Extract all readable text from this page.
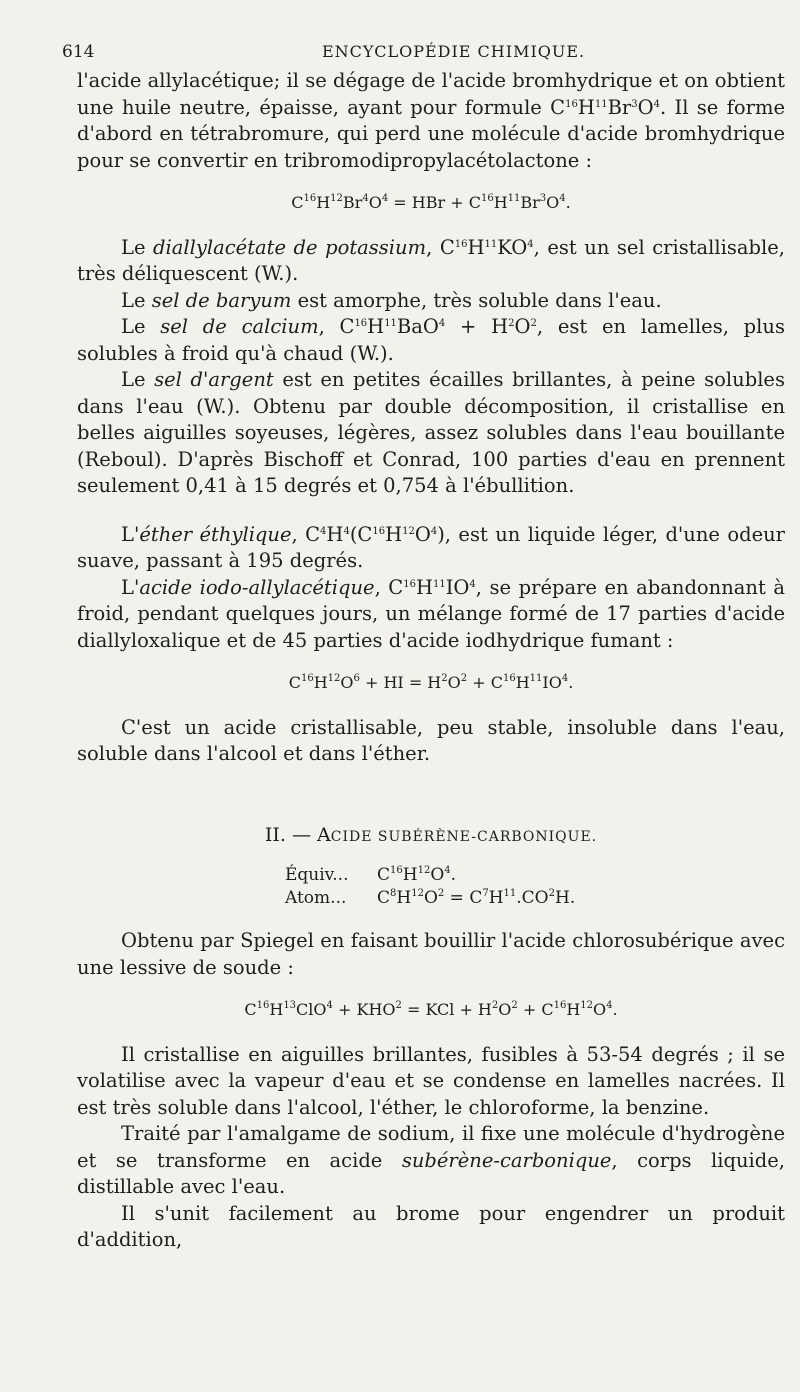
614	ENCYCLOPÉDIE CHIMIQUE.

l'acide allylacétique; il se dégage de l'acide bromhydrique et on obtient une huile neutre, épaisse, ayant pour formule $C^{16}H^{11}Br^3O^4$. Il se forme d'abord en tétrabromure, qui perd une molécule d'acide bromhydrique pour se convertir en tribromodipropylacétolactone :

$C^{16}H^{12}Br^4O^4$ = HBr + $C^{16}H^{11}Br^3O^4$.

Le diallylacétate de potassium, $C^{16}H^{11}KO^4$, est un sel cristallisable, très déliquescent (W.).

Le sel de baryum est amorphe, très soluble dans l'eau.

Le sel de calcium, $C^{16}H^{11}BaO^4 + H^2O^2$, est en lamelles, plus solubles à froid qu'à chaud (W.).

Le sel d'argent est en petites écailles brillantes, à peine solubles dans l'eau (W.). Obtenu par double décomposition, il cristallise en belles aiguilles soyeuses, légères, assez solubles dans l'eau bouillante (Reboul). D'après Bischoff et Conrad, 100 parties d'eau en prennent seulement 0,41 à 15 degrés et 0,754 à l'ébullition.

L'éther éthylique, $C^4H^4(C^{16}H^{12}O^4)$, est un liquide léger, d'une odeur suave, passant à 195 degrés.

L'acide iodo-allylacétique, $C^{16}H^{11}IO^4$, se prépare en abandonnant à froid, pendant quelques jours, un mélange formé de 17 parties d'acide diallyloxalique et de 45 parties d'acide iodhydrique fumant :

$C^{16}H^{12}O^6$ + HI = $H^2O^2 + C^{16}H^{11}IO^4$.

C'est un acide cristallisable, peu stable, insoluble dans l'eau, soluble dans l'alcool et dans l'éther.

II. — ACIDE SUBÉRÈNE-CARBONIQUE.

Équiv... $C^{16}H^{12}O^4$.
Atom... $C^8H^{12}O^2 = C^7H^{11}.CO^2H$.

Obtenu par Spiegel en faisant bouillir l'acide chlorosubérique avec une lessive de soude :

$C^{16}H^{13}ClO^4 + KHO^2$ = KCl + $H^2O^2 + C^{16}H^{12}O^4$.

Il cristallise en aiguilles brillantes, fusibles à 53-54 degrés ; il se volatilise avec la vapeur d'eau et se condense en lamelles nacrées. Il est très soluble dans l'alcool, l'éther, le chloroforme, la benzine.

Traité par l'amalgame de sodium, il fixe une molécule d'hydrogène et se transforme en acide subérène-carbonique, corps liquide, distillable avec l'eau.

Il s'unit facilement au brome pour engendrer un produit d'addition,
